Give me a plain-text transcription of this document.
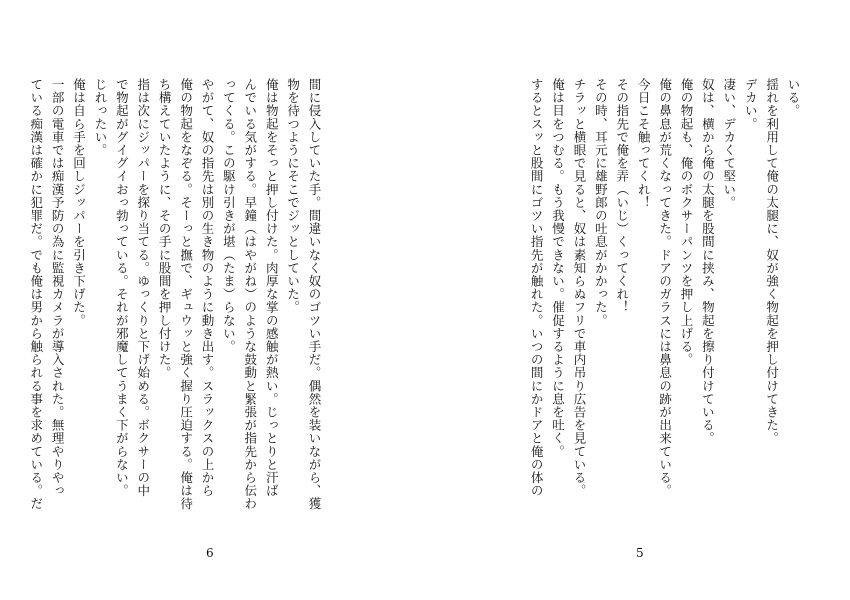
間に侵入していた手。間違いなく奴のゴツい手だ。偶然を装いながら、獲
物を待つようにそこでジッとしていた。
俺は物起をそっと押し付けた。肉厚な掌の感触が熱い。じっとりと汗ば
んでいる気がする。早鐘（はやがね）のような鼓動と緊張が指先から伝わ
ってくる。この駆け引きが堪（たま）らない。
やがて、奴の指先は別の生き物のように動き出す。スラックスの上から
俺の物起をなぞる。そーっと撫で、ギュウッと強く握り圧迫する。俺は待
ち構えていたように、その手に股間を押し付けた。
指は次にジッパーを探り当てる。ゆっくりと下げ始める。ボクサーの中
で物起がグイグイおっ勃っている。それが邪魔してうまく下がらない。
じれったい。
俺は自ら手を回しジッパーを引き下げた。
一部の電車では痴漢予防の為に監視カメラが導入された。無理やりやっ
ている痴漢は確かに犯罪だ。でも俺は男から触られる事を求めている。だ
6
いる。
揺れを利用して俺の太腿に、奴が強く物起を押し付けてきた。
デカい。
凄い、デカくて堅い。
奴は、横から俺の太腿を股間に挟み、物起を擦り付けている。
俺の物起も、俺のボクサーパンツを押し上げる。
俺の鼻息が荒くなってきた。ドアのガラスには鼻息の跡が出来ている。
今日こそ触ってくれ！
その指先で俺を弄（いじ）くってくれ！
その時、耳元に雄野郎の吐息がかかった。
チラッと横眼で見ると、奴は素知らぬフリで車内吊り広告を見ている。
俺は目をつむる。もう我慢できない。催促するように息を吐く。
するとスッと股間にゴツい指先が触れた。いつの間にかドアと俺の体の
5
